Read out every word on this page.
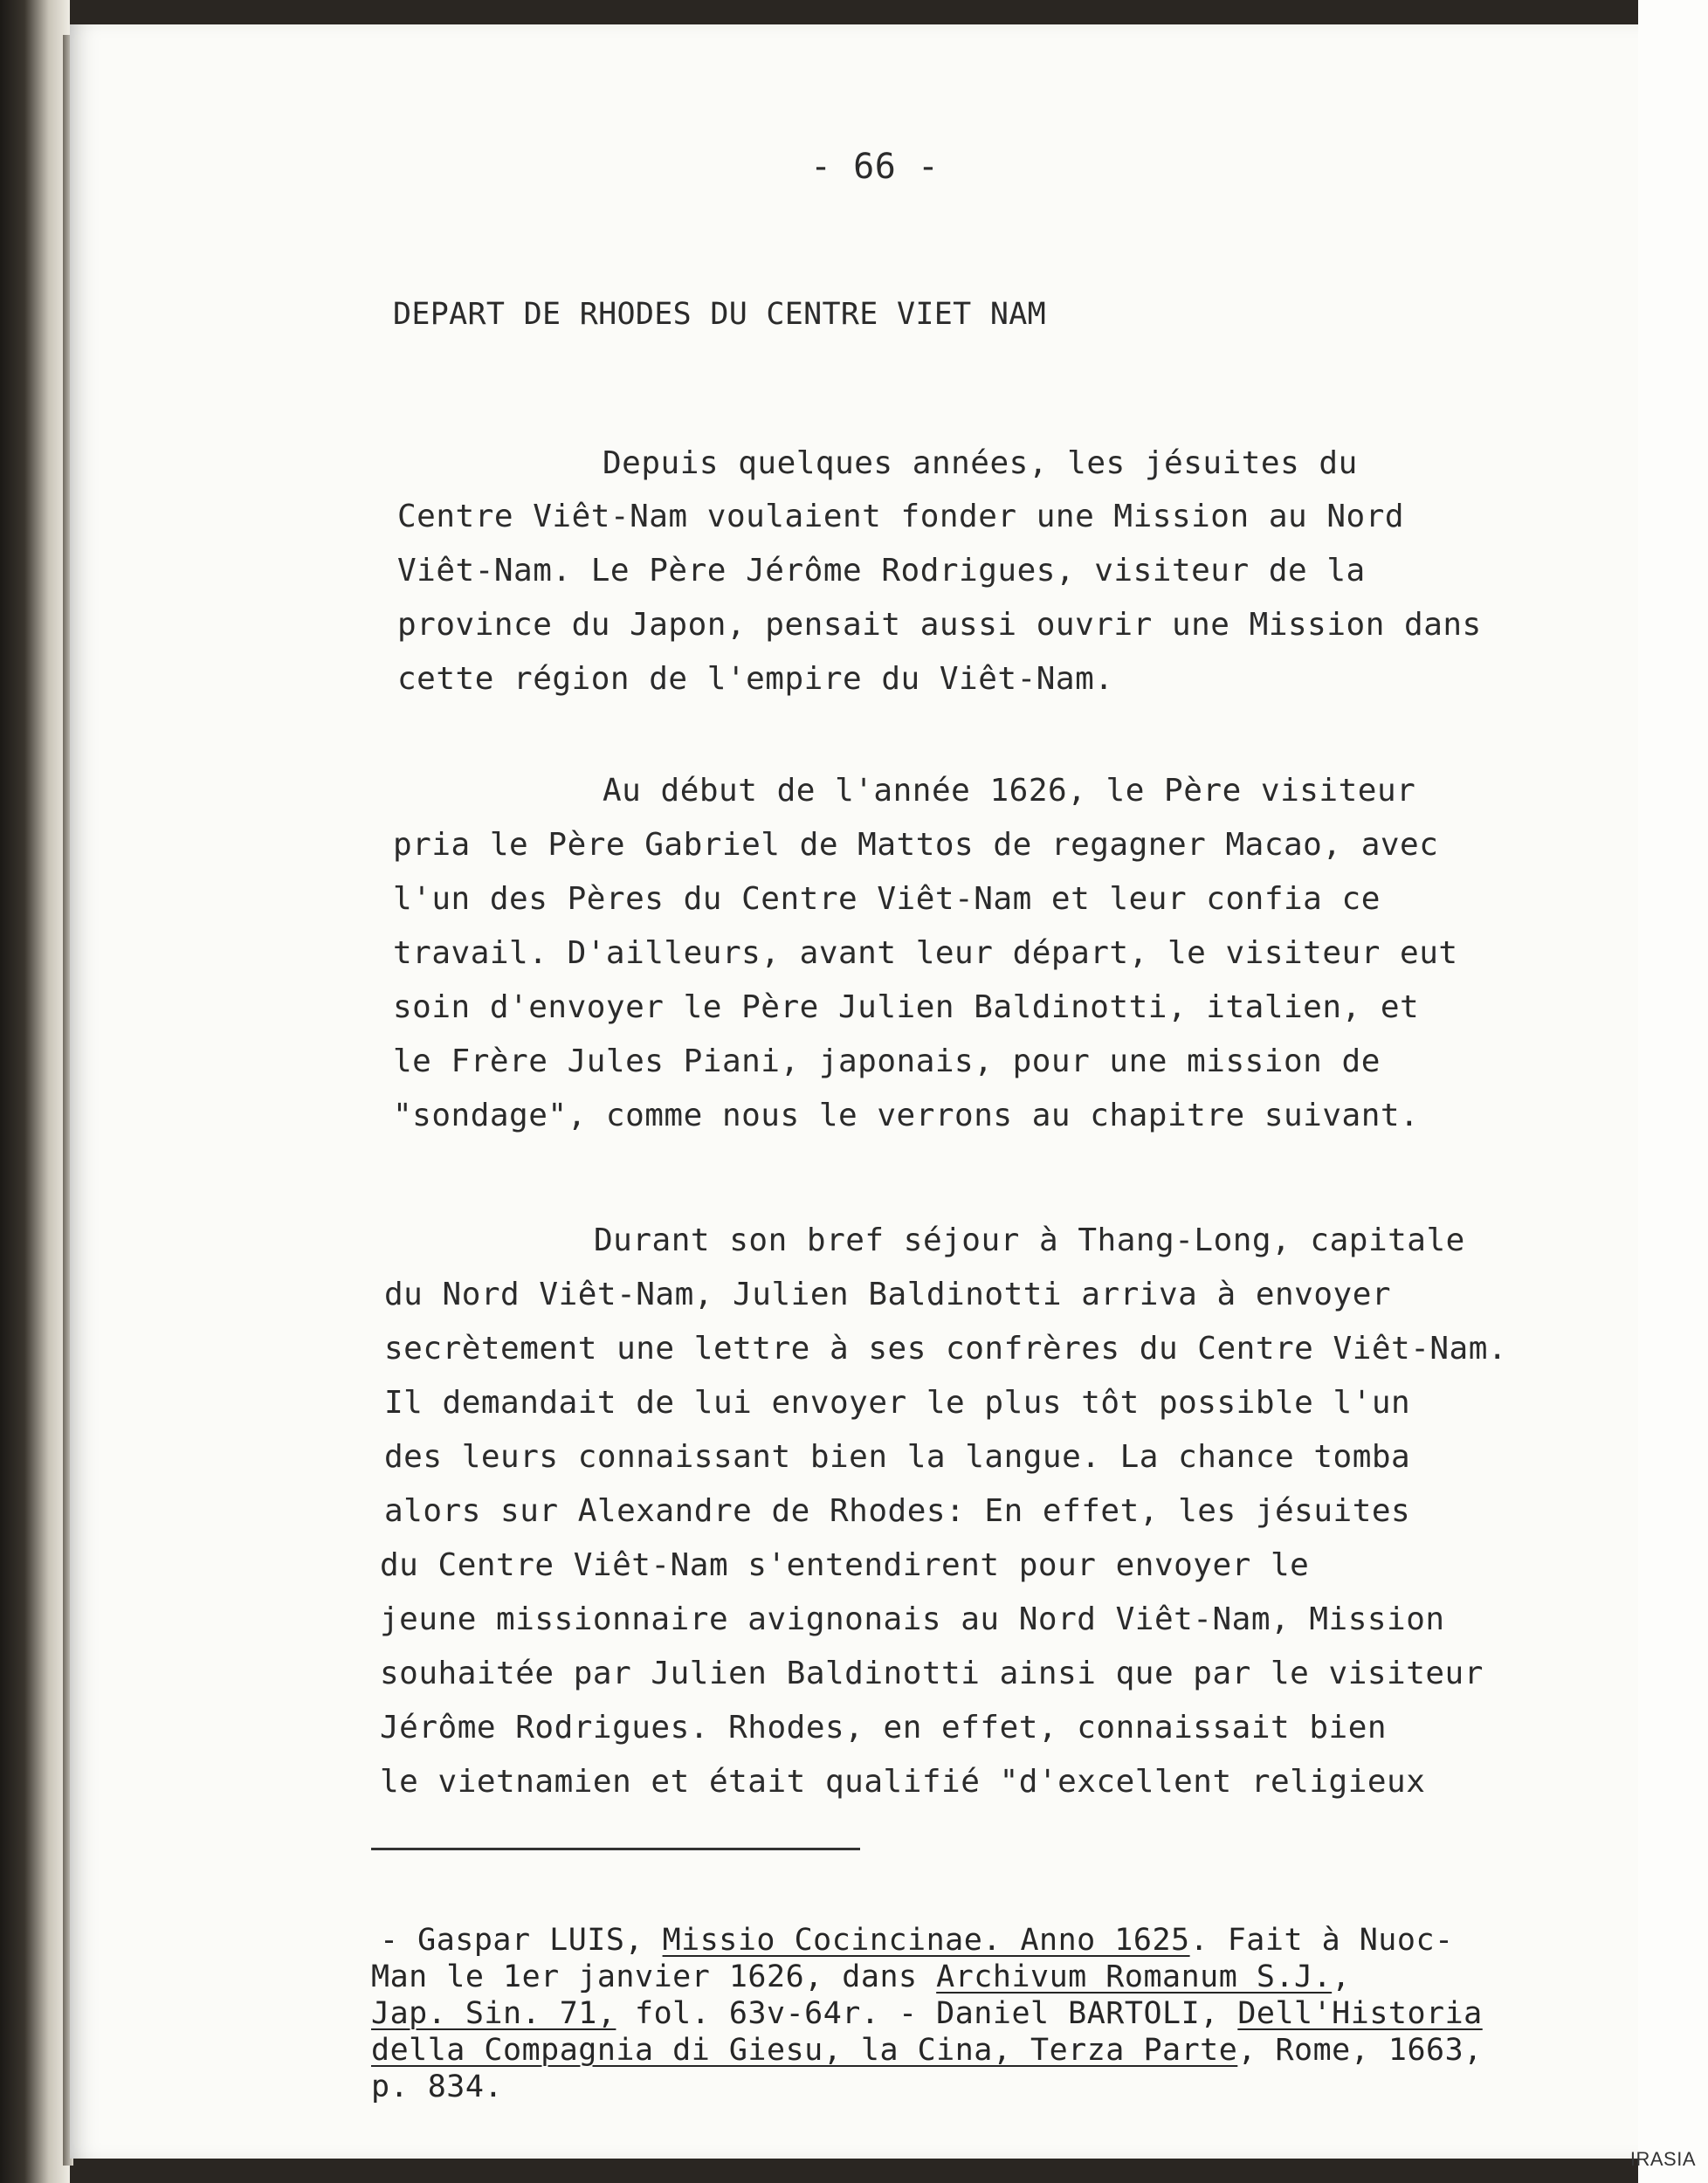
- 66 -
DEPART DE RHODES DU CENTRE VIET NAM
Depuis quelques années, les jésuites du
Centre Viêt-Nam voulaient fonder une Mission au Nord
Viêt-Nam. Le Père Jérôme Rodrigues, visiteur de la
province du Japon, pensait aussi ouvrir une Mission dans
cette région de l'empire du Viêt-Nam.
Au début de l'année 1626, le Père visiteur
pria le Père Gabriel de Mattos de regagner Macao, avec
l'un des Pères du Centre Viêt-Nam et leur confia ce
travail. D'ailleurs, avant leur départ, le visiteur eut
soin d'envoyer le Père Julien Baldinotti, italien, et
le Frère Jules Piani, japonais, pour une mission de
"sondage", comme nous le verrons au chapitre suivant.
Durant son bref séjour à Thang-Long, capitale
du Nord Viêt-Nam, Julien Baldinotti arriva à envoyer
secrètement une lettre à ses confrères du Centre Viêt-Nam.
Il demandait de lui envoyer le plus tôt possible l'un
des leurs connaissant bien la langue. La chance tomba
alors sur Alexandre de Rhodes: En effet, les jésuites
du Centre Viêt-Nam s'entendirent pour envoyer le
jeune missionnaire avignonais au Nord Viêt-Nam, Mission
souhaitée par Julien Baldinotti ainsi que par le visiteur
Jérôme Rodrigues. Rhodes, en effet, connaissait bien
le vietnamien et était qualifié "d'excellent religieux
- Gaspar LUIS, Missio Cocincinae. Anno 1625. Fait à Nuoc-
Man le 1er janvier 1626, dans Archivum Romanum S.J.,
Jap. Sin. 71, fol. 63v-64r. - Daniel BARTOLI, Dell'Historia
della Compagnia di Giesu, la Cina, Terza Parte, Rome, 1663,
p. 834.
IRASIA
